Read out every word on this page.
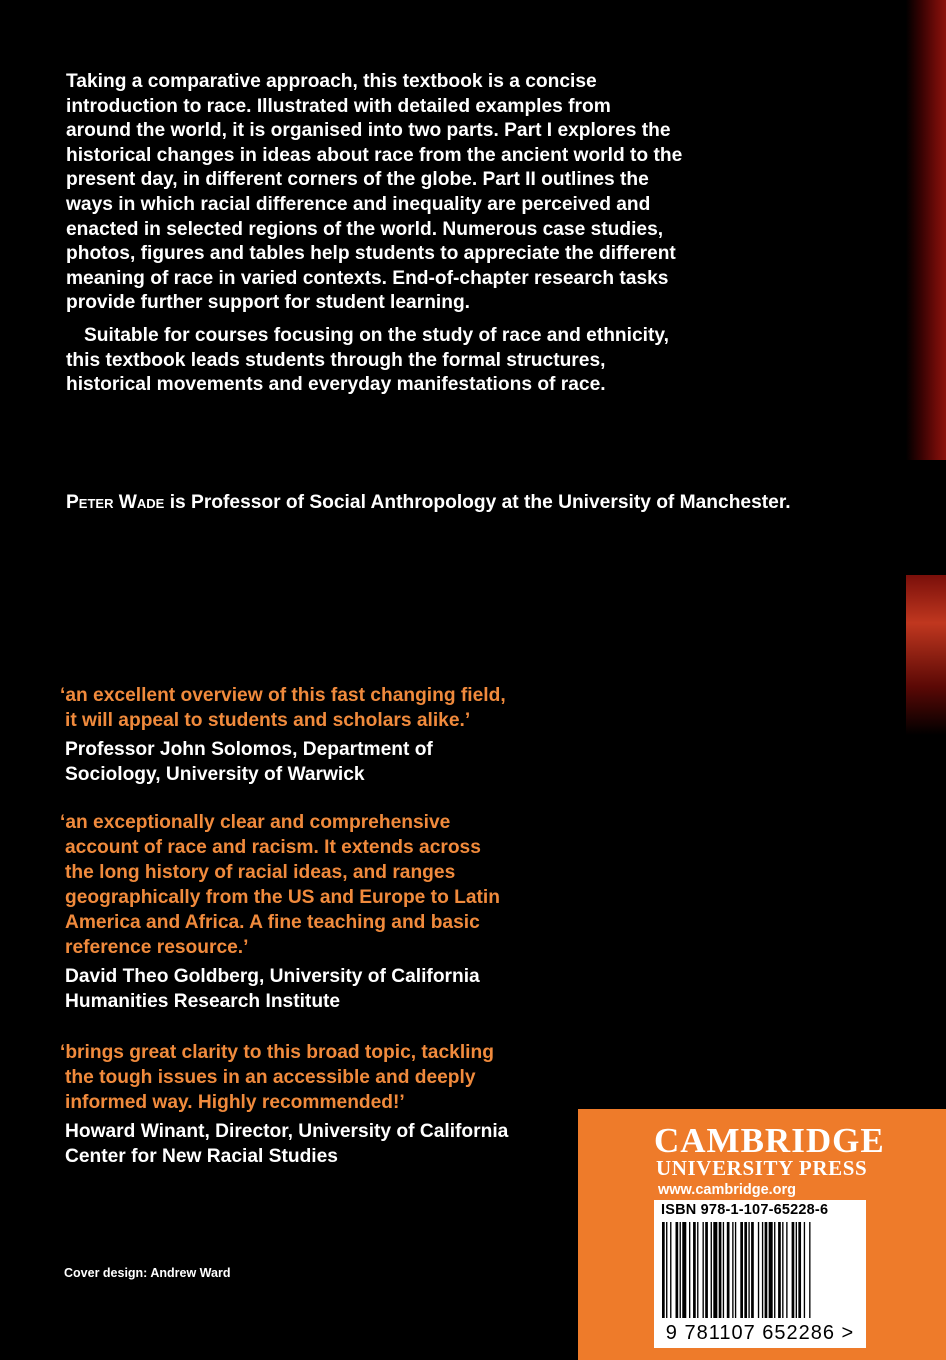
Taking a comparative approach, this textbook is a concise
introduction to race. Illustrated with detailed examples from
around the world, it is organised into two parts. Part I explores the
historical changes in ideas about race from the ancient world to the
present day, in different corners of the globe. Part II outlines the
ways in which racial difference and inequality are perceived and
enacted in selected regions of the world. Numerous case studies,
photos, figures and tables help students to appreciate the different
meaning of race in varied contexts. End-of-chapter research tasks
provide further support for student learning.

Suitable for courses focusing on the study of race and ethnicity,
this textbook leads students through the formal structures,
historical movements and everyday manifestations of race.

Peter Wade is Professor of Social Anthropology at the University of Manchester.

‘an excellent overview of this fast changing field,
it will appeal to students and scholars alike.’

Professor John Solomos, Department of
Sociology, University of Warwick

‘an exceptionally clear and comprehensive
account of race and racism. It extends across
the long history of racial ideas, and ranges
geographically from the US and Europe to Latin
America and Africa. A fine teaching and basic
reference resource.’

David Theo Goldberg, University of California
Humanities Research Institute

‘brings great clarity to this broad topic, tackling
the tough issues in an accessible and deeply
informed way. Highly recommended!’

Howard Winant, Director, University of California
Center for New Racial Studies

Cover design: Andrew Ward
CAMBRIDGE
UNIVERSITY PRESS
www.cambridge.org
ISBN 978-1-107-65228-6
9 781107 652286 >
